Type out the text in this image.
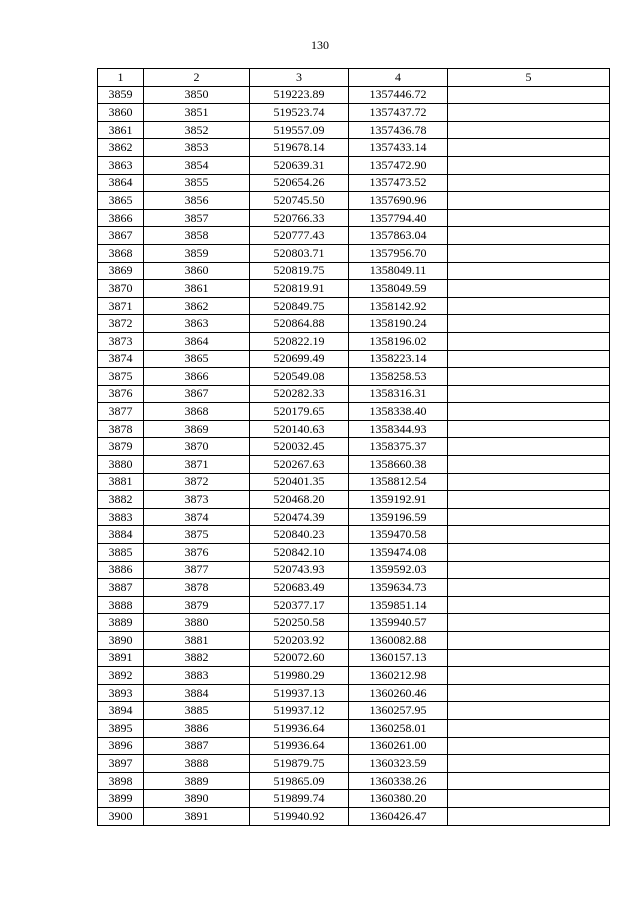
130
1	2	3	4	5
3859	3850	519223.89	1357446.72	
3860	3851	519523.74	1357437.72	
3861	3852	519557.09	1357436.78	
3862	3853	519678.14	1357433.14	
3863	3854	520639.31	1357472.90	
3864	3855	520654.26	1357473.52	
3865	3856	520745.50	1357690.96	
3866	3857	520766.33	1357794.40	
3867	3858	520777.43	1357863.04	
3868	3859	520803.71	1357956.70	
3869	3860	520819.75	1358049.11	
3870	3861	520819.91	1358049.59	
3871	3862	520849.75	1358142.92	
3872	3863	520864.88	1358190.24	
3873	3864	520822.19	1358196.02	
3874	3865	520699.49	1358223.14	
3875	3866	520549.08	1358258.53	
3876	3867	520282.33	1358316.31	
3877	3868	520179.65	1358338.40	
3878	3869	520140.63	1358344.93	
3879	3870	520032.45	1358375.37	
3880	3871	520267.63	1358660.38	
3881	3872	520401.35	1358812.54	
3882	3873	520468.20	1359192.91	
3883	3874	520474.39	1359196.59	
3884	3875	520840.23	1359470.58	
3885	3876	520842.10	1359474.08	
3886	3877	520743.93	1359592.03	
3887	3878	520683.49	1359634.73	
3888	3879	520377.17	1359851.14	
3889	3880	520250.58	1359940.57	
3890	3881	520203.92	1360082.88	
3891	3882	520072.60	1360157.13	
3892	3883	519980.29	1360212.98	
3893	3884	519937.13	1360260.46	
3894	3885	519937.12	1360257.95	
3895	3886	519936.64	1360258.01	
3896	3887	519936.64	1360261.00	
3897	3888	519879.75	1360323.59	
3898	3889	519865.09	1360338.26	
3899	3890	519899.74	1360380.20	
3900	3891	519940.92	1360426.47	
